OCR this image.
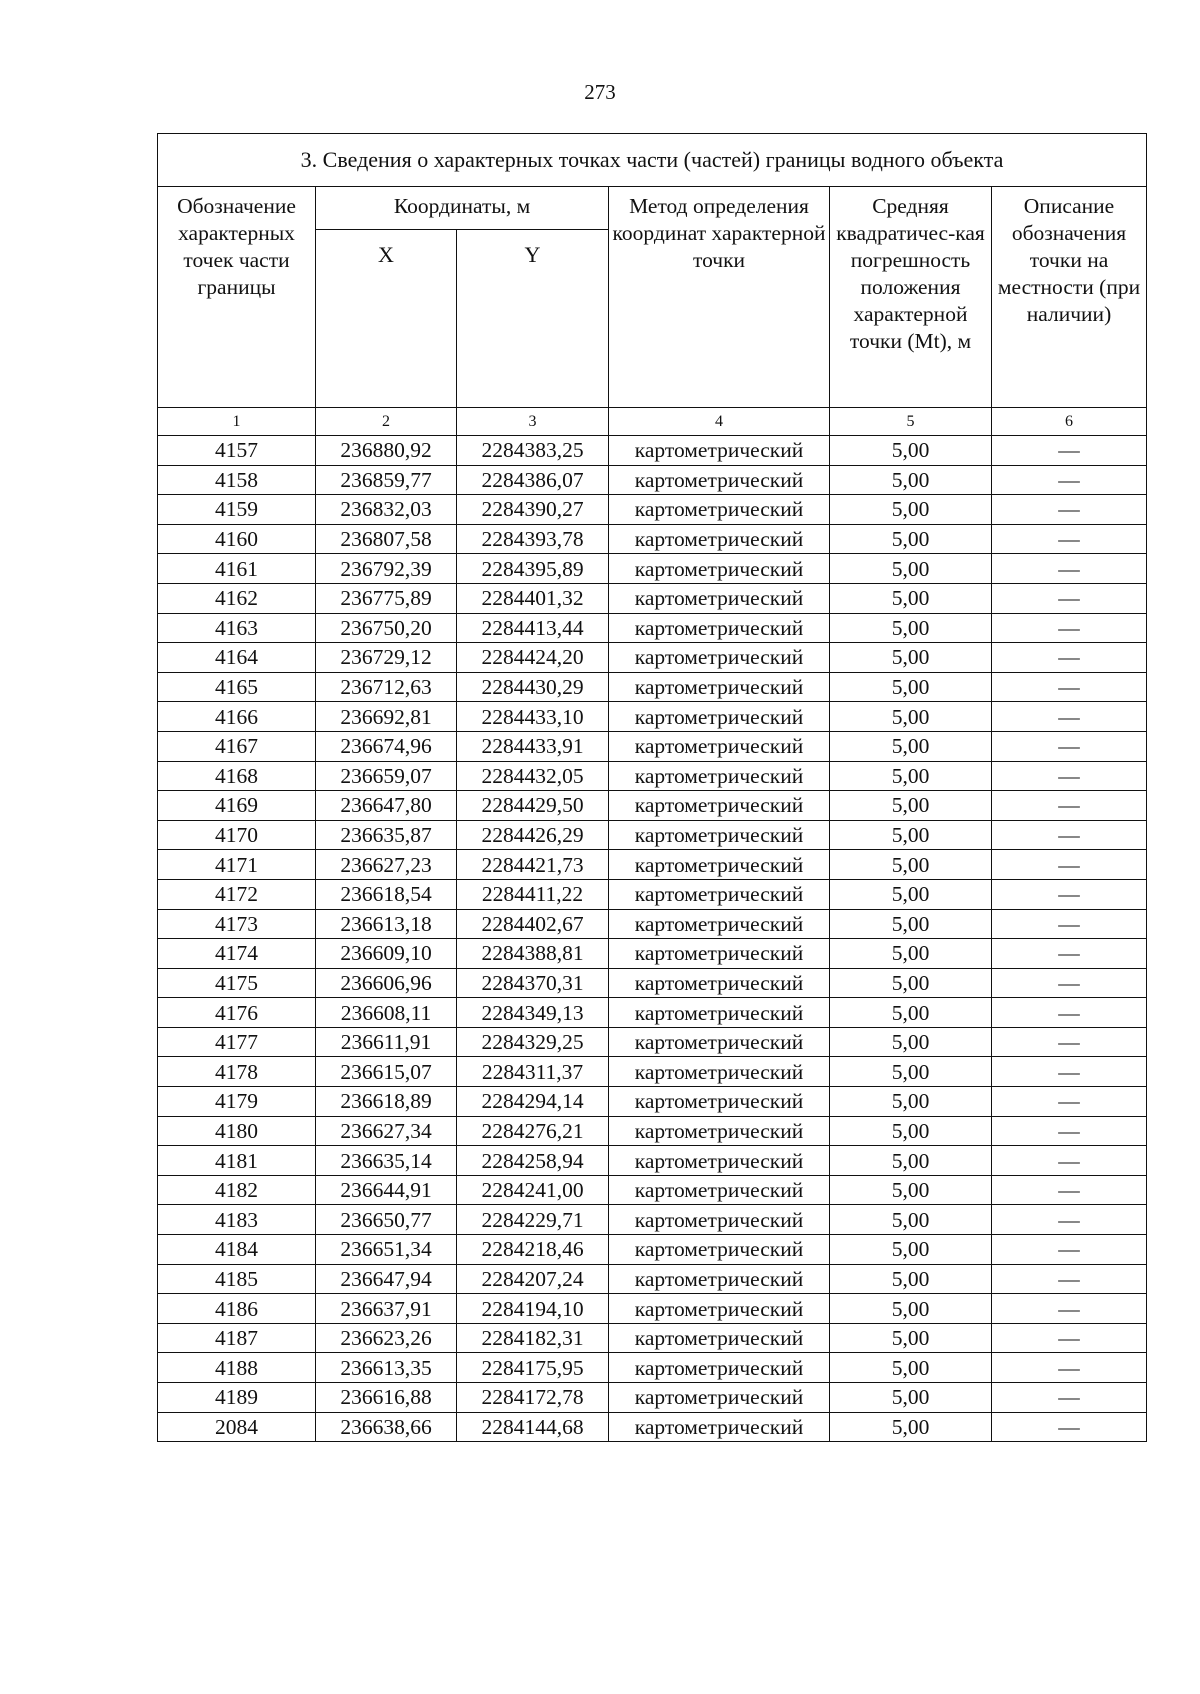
273
3. Сведения о характерных точках части (частей) границы водного объекта					
Обозначение характерных точек части границы	Координаты, м		Метод определения координат характерной точки	Средняя квадратичес-кая погрешность положения характерной точки (Mt), м	Описание обозначения точки на местности (при наличии)
	X	Y			
1	2	3	4	5	6
4157	236880,92	2284383,25	картометрический	5,00	—
4158	236859,77	2284386,07	картометрический	5,00	—
4159	236832,03	2284390,27	картометрический	5,00	—
4160	236807,58	2284393,78	картометрический	5,00	—
4161	236792,39	2284395,89	картометрический	5,00	—
4162	236775,89	2284401,32	картометрический	5,00	—
4163	236750,20	2284413,44	картометрический	5,00	—
4164	236729,12	2284424,20	картометрический	5,00	—
4165	236712,63	2284430,29	картометрический	5,00	—
4166	236692,81	2284433,10	картометрический	5,00	—
4167	236674,96	2284433,91	картометрический	5,00	—
4168	236659,07	2284432,05	картометрический	5,00	—
4169	236647,80	2284429,50	картометрический	5,00	—
4170	236635,87	2284426,29	картометрический	5,00	—
4171	236627,23	2284421,73	картометрический	5,00	—
4172	236618,54	2284411,22	картометрический	5,00	—
4173	236613,18	2284402,67	картометрический	5,00	—
4174	236609,10	2284388,81	картометрический	5,00	—
4175	236606,96	2284370,31	картометрический	5,00	—
4176	236608,11	2284349,13	картометрический	5,00	—
4177	236611,91	2284329,25	картометрический	5,00	—
4178	236615,07	2284311,37	картометрический	5,00	—
4179	236618,89	2284294,14	картометрический	5,00	—
4180	236627,34	2284276,21	картометрический	5,00	—
4181	236635,14	2284258,94	картометрический	5,00	—
4182	236644,91	2284241,00	картометрический	5,00	—
4183	236650,77	2284229,71	картометрический	5,00	—
4184	236651,34	2284218,46	картометрический	5,00	—
4185	236647,94	2284207,24	картометрический	5,00	—
4186	236637,91	2284194,10	картометрический	5,00	—
4187	236623,26	2284182,31	картометрический	5,00	—
4188	236613,35	2284175,95	картометрический	5,00	—
4189	236616,88	2284172,78	картометрический	5,00	—
2084	236638,66	2284144,68	картометрический	5,00	—
